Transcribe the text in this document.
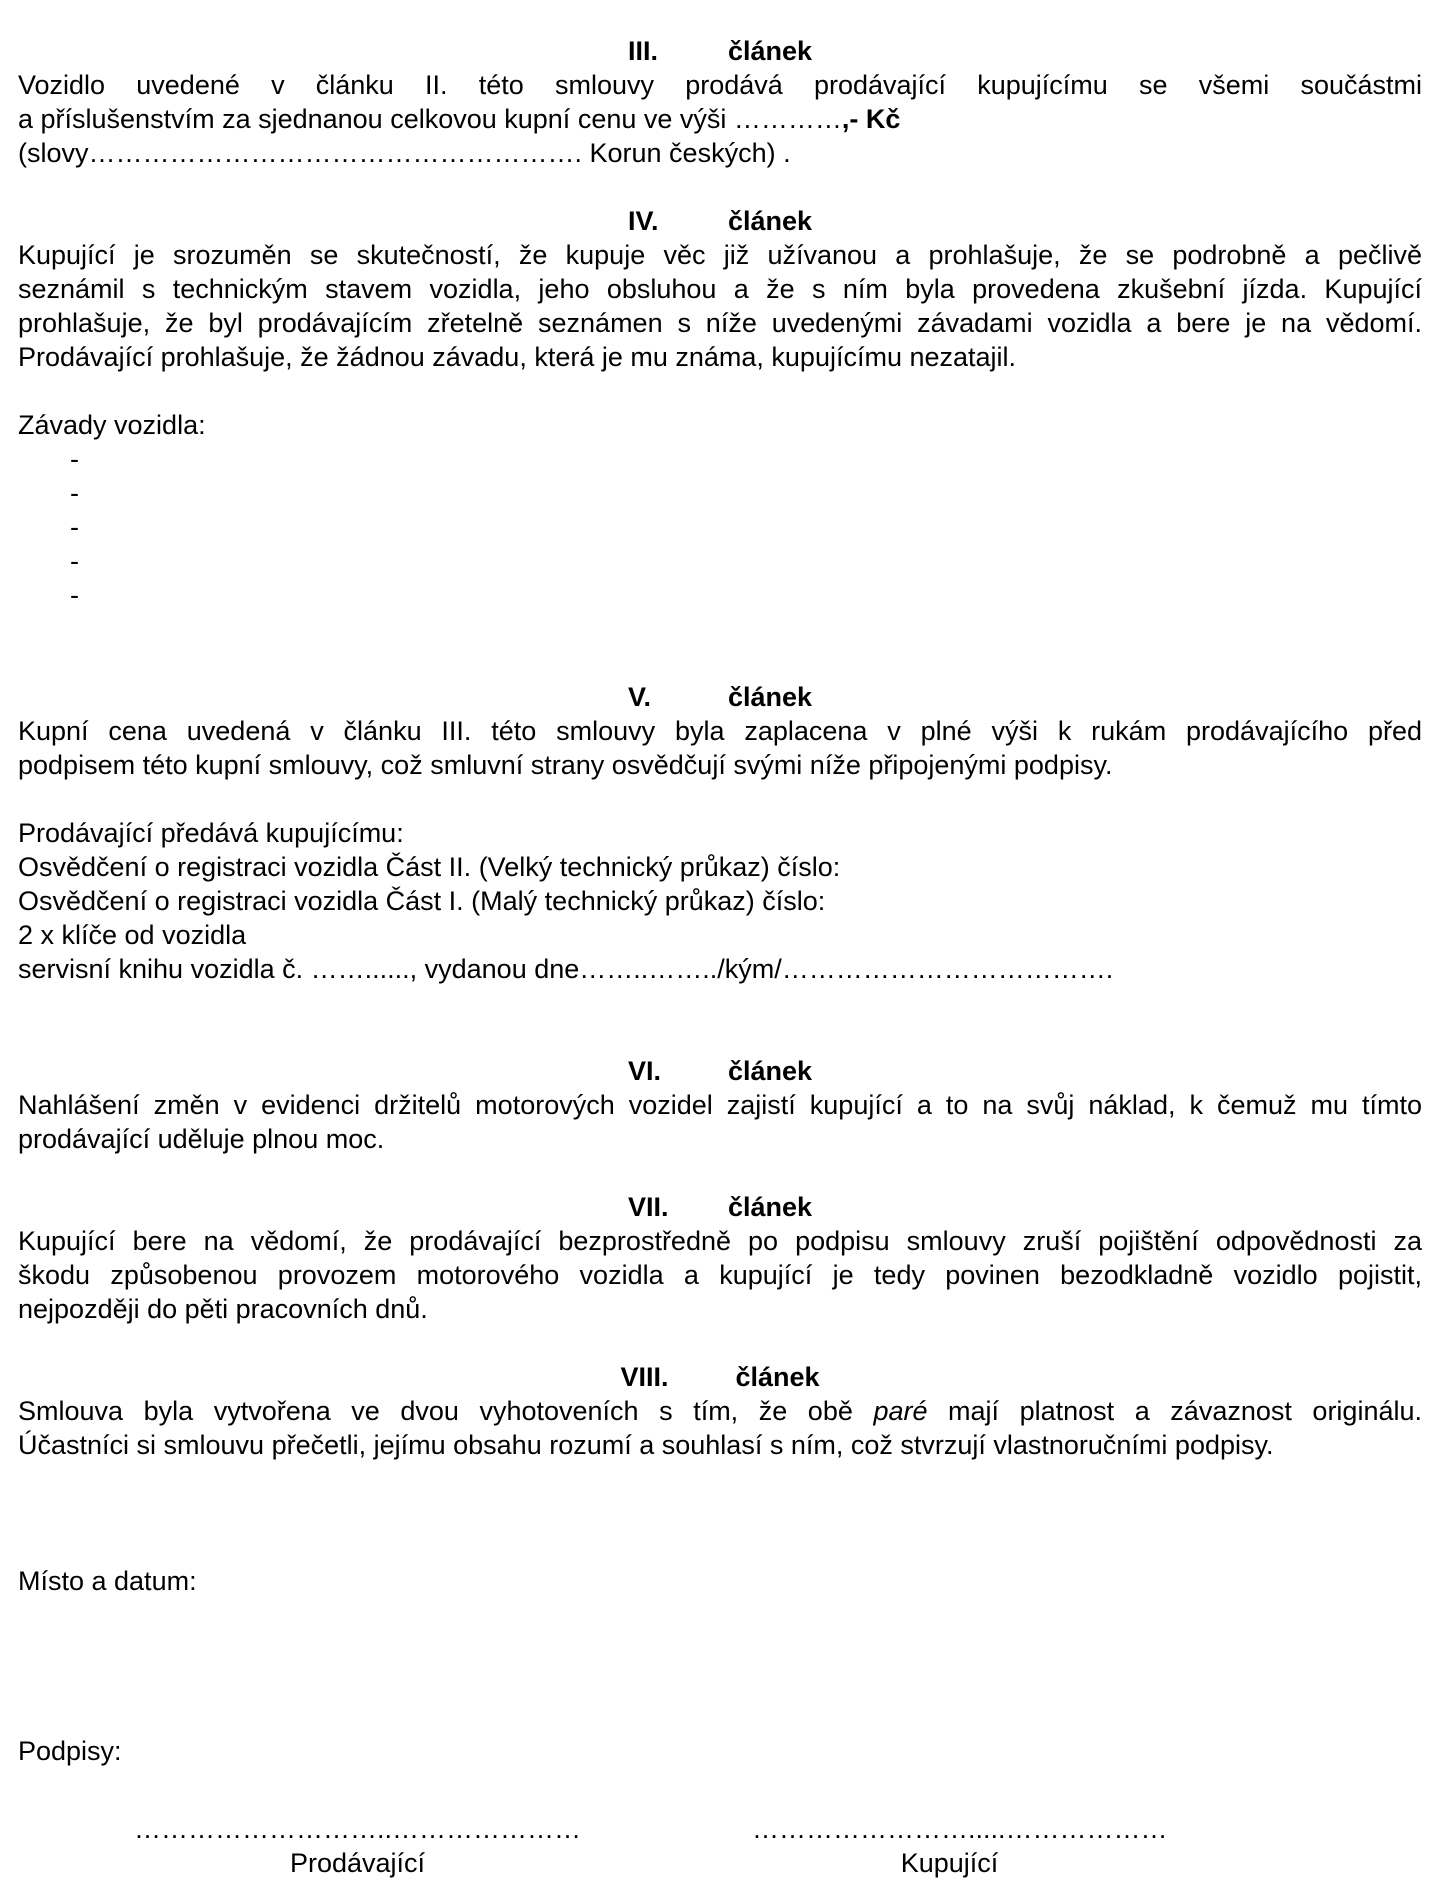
III.	článek
Vozidlo uvedené v článku II. této smlouvy prodává prodávající kupujícímu se všemi součástmi
a příslušenstvím za sjednanou celkovou kupní cenu ve výši …………,- Kč
(slovy………………………………………………. Korun českých) .
IV.	článek
Kupující je srozuměn se skutečností, že kupuje věc již užívanou a prohlašuje, že se podrobně a pečlivě
seznámil s technickým stavem vozidla, jeho obsluhou a že s ním byla provedena zkušební jízda. Kupující
prohlašuje, že byl prodávajícím zřetelně seznámen s níže uvedenými závadami vozidla a bere je na vědomí.
Prodávající prohlašuje, že žádnou závadu, která je mu známa, kupujícímu nezatajil.
Závady vozidla:
-
-
-
-
-
V.	článek
Kupní cena uvedená v článku III. této smlouvy byla zaplacena v plné výši k rukám prodávajícího před
podpisem této kupní smlouvy, což smluvní strany osvědčují svými níže připojenými podpisy.
Prodávající předává kupujícímu:
Osvědčení o registraci vozidla Část II. (Velký technický průkaz) číslo:
Osvědčení o registraci vozidla Část I. (Malý technický průkaz) číslo:
2 x klíče od vozidla
servisní knihu vozidla č. ……......, vydanou dne……..……../kým/……………………………….
VI.	článek
Nahlášení změn v evidenci držitelů motorových vozidel zajistí kupující a to na svůj náklad, k čemuž mu tímto
prodávající uděluje plnou moc.
VII.	článek
Kupující bere na vědomí, že prodávající bezprostředně po podpisu smlouvy zruší pojištění odpovědnosti za
škodu způsobenou provozem motorového vozidla a kupující je tedy povinen bezodkladně vozidlo pojistit,
nejpozději do pěti pracovních dnů.
VIII.	článek
Smlouva byla vytvořena ve dvou vyhotoveních s tím, že obě paré mají platnost a závaznost originálu.
Účastníci si smlouvu přečetli, jejímu obsahu rozumí a souhlasí s ním, což stvrzují vlastnoručními podpisy.
Místo a datum:
Podpisy:
………………………..…………………
Prodávající
…………………….....………………
Kupující
